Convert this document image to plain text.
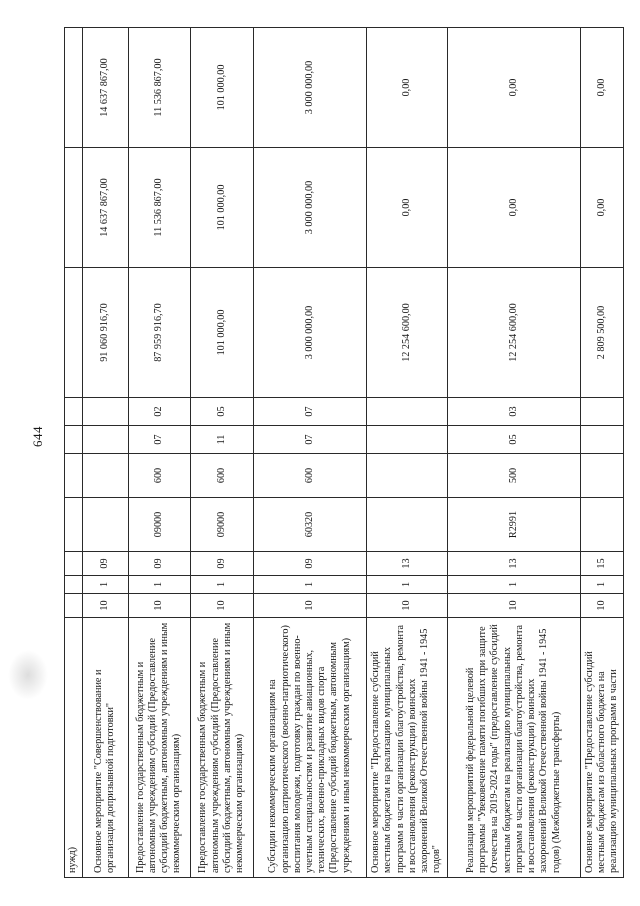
644
нужд)										
Основное мероприятие "Совершенствование и организация допризывной подготовки"	10	1	09					91 060 916,70	14 637 867,00	14 637 867,00
Предоставление государственным бюджетным и автономным учреждениям субсидий (Предоставление субсидий бюджетным, автономным учреждениям и иным некоммерческим организациям)	10	1	09	09000	600	07	02	87 959 916,70	11 536 867,00	11 536 867,00
Предоставление государственным бюджетным и автономным учреждениям субсидий (Предоставление субсидий бюджетным, автономным учреждениям и иным некоммерческим организациям)	10	1	09	09000	600	11	05	101 000,00	101 000,00	101 000,00
Субсидии некоммерческим организациям на организацию патриотического (военно-патриотического) воспитания молодежи, подготовку граждан по военно-учетным специальностям и развитие авиационных, технических, военно-прикладных видов спорта (Предоставление субсидий бюджетным, автономным учреждениям и иным некоммерческим организациям)	10	1	09	60320	600	07	07	3 000 000,00	3 000 000,00	3 000 000,00
Основное мероприятие "Предоставление субсидий местным бюджетам на реализацию муниципальных программ в части организации благоустройства, ремонта и восстановления (реконструкции) воинских захоронений Великой Отечественной войны 1941 - 1945 годов"	10	1	13					12 254 600,00	0,00	0,00
Реализация мероприятий федеральной целевой программы "Увековечение памяти погибших при защите Отечества на 2019-2024 годы" (предоставление субсидий местным бюджетам на реализацию муниципальных программ в части организации благоустройства, ремонта и восстановления (реконструкции) воинских захоронений Великой Отечественной войны 1941 - 1945 годов) (Межбюджетные трансферты)	10	1	13	R2991	500	05	03	12 254 600,00	0,00	0,00
Основное мероприятие "Предоставление субсидий местным бюджетам из областного бюджета на реализацию муниципальных программ в части	10	1	15					2 809 500,00	0,00	0,00
